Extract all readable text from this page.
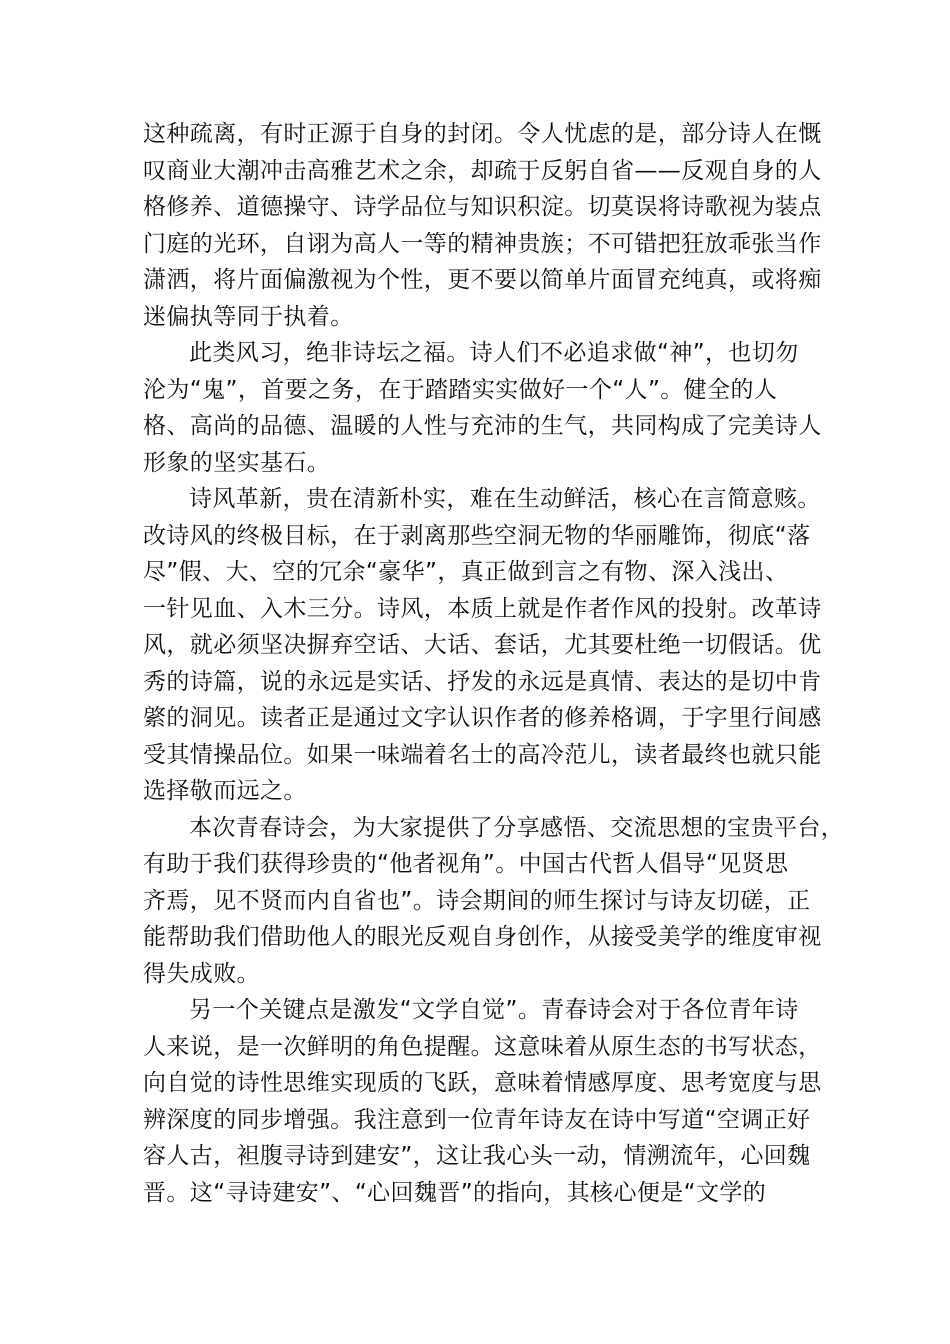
这种疏离，有时正源于自身的封闭。令人忧虑的是，部分诗人在慨
叹商业大潮冲击高雅艺术之余，却疏于反躬自省——反观自身的人
格修养、道德操守、诗学品位与知识积淀。切莫误将诗歌视为装点
门庭的光环，自诩为高人一等的精神贵族；不可错把狂放乖张当作
潇洒，将片面偏激视为个性，更不要以简单片面冒充纯真，或将痴
迷偏执等同于执着。
此类风习，绝非诗坛之福。诗人们不必追求做“神”，也切勿
沦为“鬼”，首要之务，在于踏踏实实做好一个“人”。健全的人
格、高尚的品德、温暖的人性与充沛的生气，共同构成了完美诗人
形象的坚实基石。
诗风革新，贵在清新朴实，难在生动鲜活，核心在言简意赅。
改诗风的终极目标，在于剥离那些空洞无物的华丽雕饰，彻底“落
尽”假、大、空的冗余“豪华”，真正做到言之有物、深入浅出、
一针见血、入木三分。诗风，本质上就是作者作风的投射。改革诗
风，就必须坚决摒弃空话、大话、套话，尤其要杜绝一切假话。优
秀的诗篇，说的永远是实话、抒发的永远是真情、表达的是切中肯
綮的洞见。读者正是通过文字认识作者的修养格调，于字里行间感
受其情操品位。如果一味端着名士的高冷范儿，读者最终也就只能
选择敬而远之。
本次青春诗会，为大家提供了分享感悟、交流思想的宝贵平台，
有助于我们获得珍贵的“他者视角”。中国古代哲人倡导“见贤思
齐焉，见不贤而内自省也”。诗会期间的师生探讨与诗友切磋，正
能帮助我们借助他人的眼光反观自身创作，从接受美学的维度审视
得失成败。
另一个关键点是激发“文学自觉”。青春诗会对于各位青年诗
人来说，是一次鲜明的角色提醒。这意味着从原生态的书写状态，
向自觉的诗性思维实现质的飞跃，意味着情感厚度、思考宽度与思
辨深度的同步增强。我注意到一位青年诗友在诗中写道“空调正好
容人古，袒腹寻诗到建安”，这让我心头一动，情溯流年，心回魏
晋。这“寻诗建安”、“心回魏晋”的指向，其核心便是“文学的
